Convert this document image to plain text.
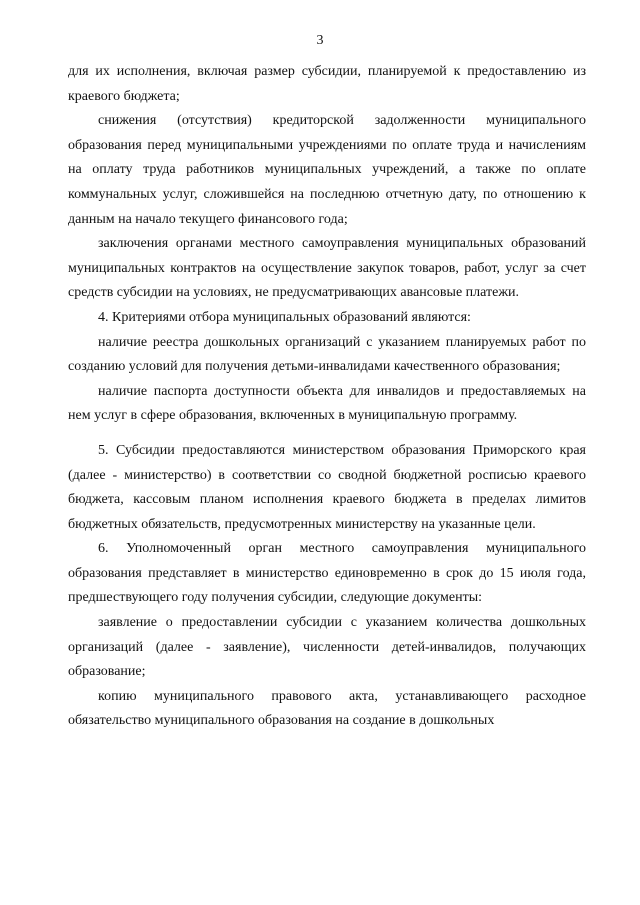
3

для их исполнения, включая размер субсидии, планируемой к предоставлению из краевого бюджета;

снижения (отсутствия) кредиторской задолженности муниципального образования перед муниципальными учреждениями по оплате труда и начислениям на оплату труда работников муниципальных учреждений, а также по оплате коммунальных услуг, сложившейся на последнюю отчетную дату, по отношению к данным на начало текущего финансового года;

заключения органами местного самоуправления муниципальных образований муниципальных контрактов на осуществление закупок товаров, работ, услуг за счет средств субсидии на условиях, не предусматривающих авансовые платежи.

4. Критериями отбора муниципальных образований являются:

наличие реестра дошкольных организаций с указанием планируемых работ по созданию условий для получения детьми-инвалидами качественного образования;

наличие паспорта доступности объекта для инвалидов и предоставляемых на нем услуг в сфере образования, включенных в муниципальную программу.

5. Субсидии предоставляются министерством образования Приморского края (далее - министерство) в соответствии со сводной бюджетной росписью краевого бюджета, кассовым планом исполнения краевого бюджета в пределах лимитов бюджетных обязательств, предусмотренных министерству на указанные цели.

6. Уполномоченный орган местного самоуправления муниципального образования представляет в министерство единовременно в срок до 15 июля года, предшествующего году получения субсидии, следующие документы:

заявление о предоставлении субсидии с указанием количества дошкольных организаций (далее - заявление), численности детей-инвалидов, получающих образование;

копию муниципального правового акта, устанавливающего расходное обязательство муниципального образования на создание в дошкольных
